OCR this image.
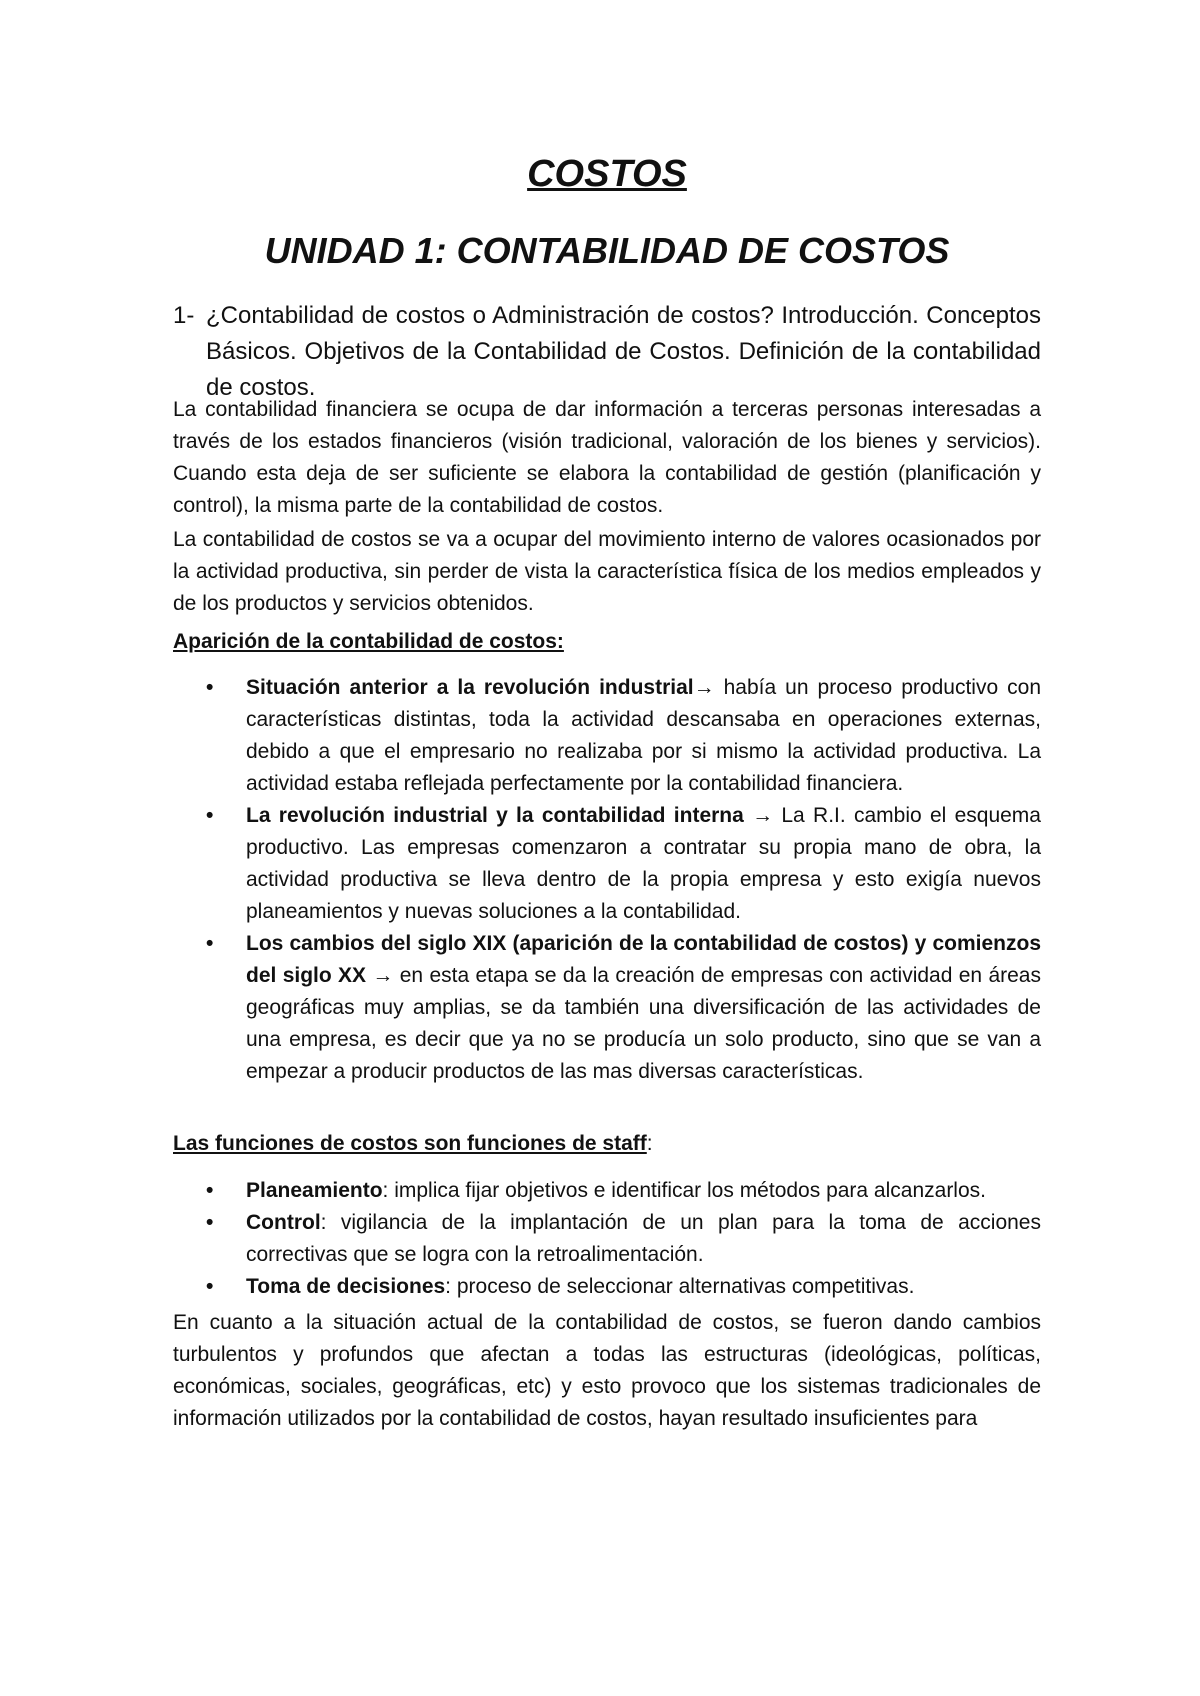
COSTOS
UNIDAD 1: CONTABILIDAD DE COSTOS

1- ¿Contabilidad de costos o Administración de costos? Introducción. Conceptos Básicos. Objetivos de la Contabilidad de Costos. Definición de la contabilidad de costos.

La contabilidad financiera se ocupa de dar información a terceras personas interesadas a través de los estados financieros (visión tradicional, valoración de los bienes y servicios). Cuando esta deja de ser suficiente se elabora la contabilidad de gestión (planificación y control), la misma parte de la contabilidad de costos.

La contabilidad de costos se va a ocupar del movimiento interno de valores ocasionados por la actividad productiva, sin perder de vista la característica física de los medios empleados y de los productos y servicios obtenidos.

Aparición de la contabilidad de costos:

• Situación anterior a la revolución industrial→ había un proceso productivo con características distintas, toda la actividad descansaba en operaciones externas, debido a que el empresario no realizaba por si mismo la actividad productiva. La actividad estaba reflejada perfectamente por la contabilidad financiera.
• La revolución industrial y la contabilidad interna → La R.I. cambio el esquema productivo. Las empresas comenzaron a contratar su propia mano de obra, la actividad productiva se lleva dentro de la propia empresa y esto exigía nuevos planeamientos y nuevas soluciones a la contabilidad.
• Los cambios del siglo XIX (aparición de la contabilidad de costos) y comienzos del siglo XX → en esta etapa se da la creación de empresas con actividad en áreas geográficas muy amplias, se da también una diversificación de las actividades de una empresa, es decir que ya no se producía un solo producto, sino que se van a empezar a producir productos de las mas diversas características.

Las funciones de costos son funciones de staff:

• Planeamiento: implica fijar objetivos e identificar los métodos para alcanzarlos.
• Control: vigilancia de la implantación de un plan para la toma de acciones correctivas que se logra con la retroalimentación.
• Toma de decisiones: proceso de seleccionar alternativas competitivas.

En cuanto a la situación actual de la contabilidad de costos, se fueron dando cambios turbulentos y profundos que afectan a todas las estructuras (ideológicas, políticas, económicas, sociales, geográficas, etc) y esto provoco que los sistemas tradicionales de información utilizados por la contabilidad de costos, hayan resultado insuficientes para
